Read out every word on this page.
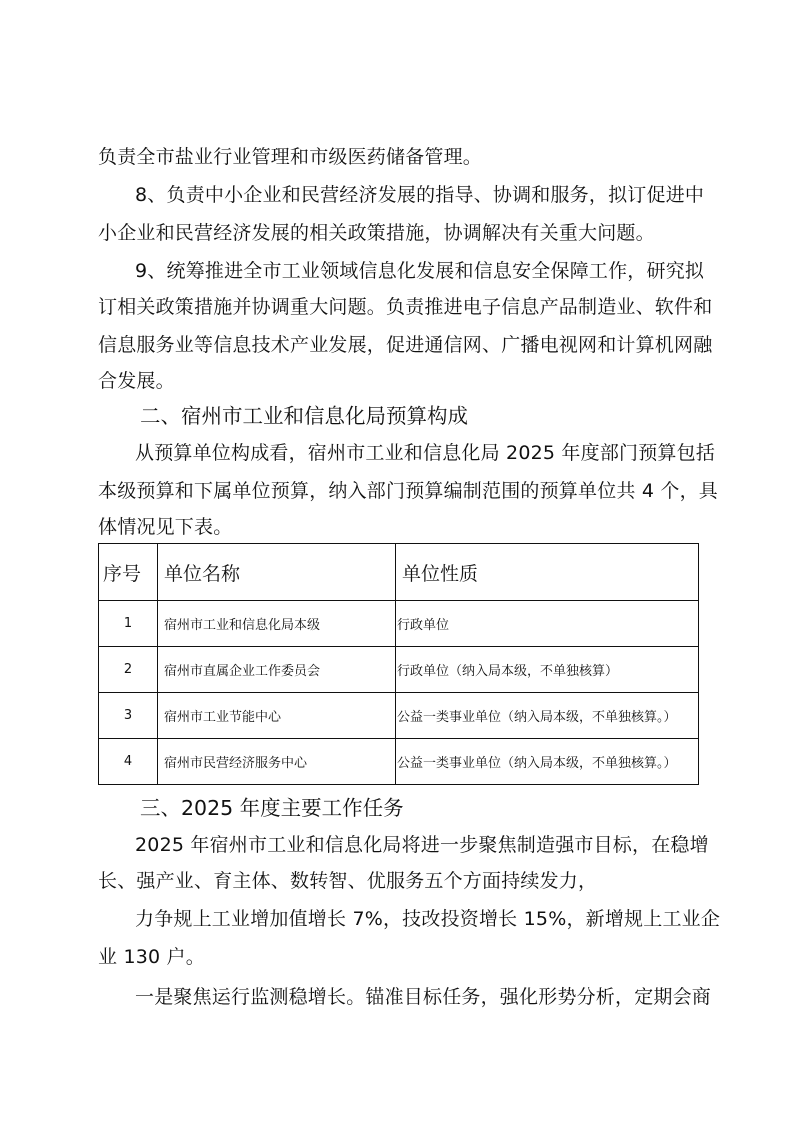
负责全市盐业行业管理和市级医药储备管理。
8、负责中小企业和民营经济发展的指导、协调和服务，拟订促进中
小企业和民营经济发展的相关政策措施，协调解决有关重大问题。
9、统筹推进全市工业领域信息化发展和信息安全保障工作，研究拟
订相关政策措施并协调重大问题。负责推进电子信息产品制造业、软件和
信息服务业等信息技术产业发展，促进通信网、广播电视网和计算机网融
合发展。
二、宿州市工业和信息化局预算构成
从预算单位构成看，宿州市工业和信息化局 2025 年度部门预算包括
本级预算和下属单位预算，纳入部门预算编制范围的预算单位共 4 个，具
体情况见下表。
序号	单位名称	单位性质
1	宿州市工业和信息化局本级	行政单位
2	宿州市直属企业工作委员会	行政单位（纳入局本级，不单独核算）
3	宿州市工业节能中心	公益一类事业单位（纳入局本级，不单独核算。）
4	宿州市民营经济服务中心	公益一类事业单位（纳入局本级，不单独核算。）
三、2025 年度主要工作任务
2025 年宿州市工业和信息化局将进一步聚焦制造强市目标，在稳增
长、强产业、育主体、数转智、优服务五个方面持续发力，
力争规上工业增加值增长 7%，技改投资增长 15%，新增规上工业企
业 130 户。
一是聚焦运行监测稳增长。锚准目标任务，强化形势分析，定期会商
